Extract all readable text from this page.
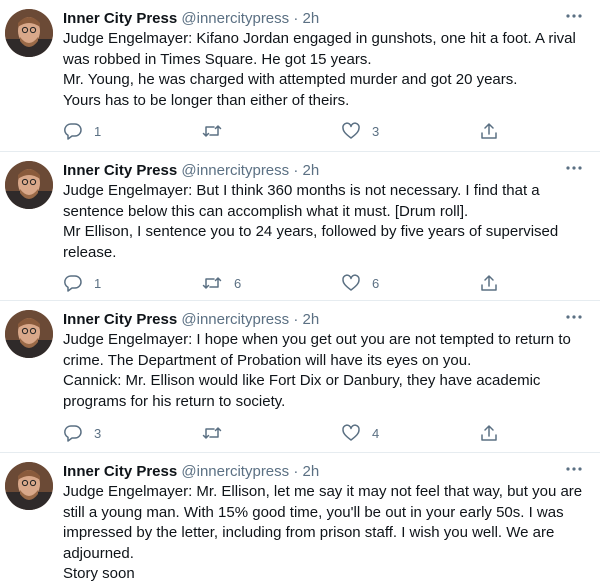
Inner City Press @innercitypress · 2h

Judge Engelmayer: Kifano Jordan engaged in gunshots, one hit a foot. A rival was robbed in Times Square. He got 15 years.

Mr. Young, he was charged with attempted murder and got 20 years.

Yours has to be longer than either of theirs.

1	3
Inner City Press @innercitypress · 2h

Judge Engelmayer: But I think 360 months is not necessary. I find that a sentence below this can accomplish what it must. [Drum roll].

Mr Ellison, I sentence you to 24 years, followed by five years of supervised release.

1	6	6
Inner City Press @innercitypress · 2h

Judge Engelmayer: I hope when you get out you are not tempted to return to crime. The Department of Probation will have its eyes on you.

Cannick: Mr. Ellison would like Fort Dix or Danbury, they have academic programs for his return to society.

3	4
Inner City Press @innercitypress · 2h

Judge Engelmayer: Mr. Ellison, let me say it may not feel that way, but you are still a young man. With 15% good time, you'll be out in your early 50s. I was impressed by the letter, including from prison staff. I wish you well. We are adjourned.

Story soon
